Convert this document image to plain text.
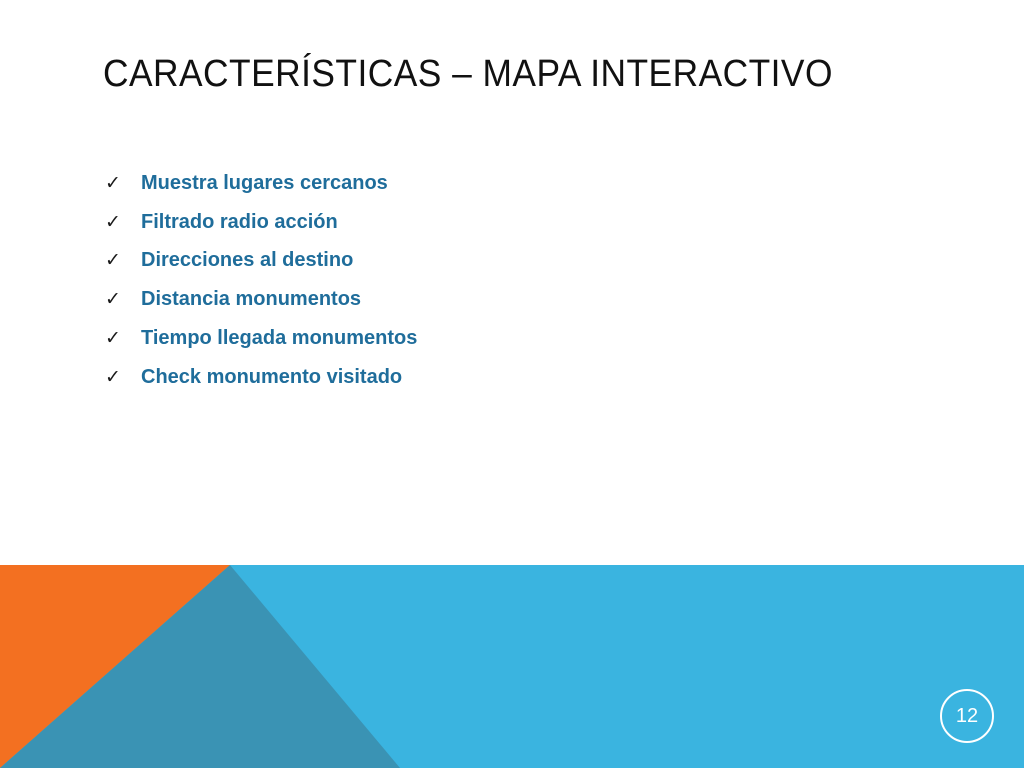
CARACTERÍSTICAS – MAPA INTERACTIVO
✓	Muestra lugares cercanos
✓	Filtrado radio acción
✓	Direcciones al destino
✓	Distancia monumentos
✓	Tiempo llegada monumentos
✓	Check monumento visitado
12
